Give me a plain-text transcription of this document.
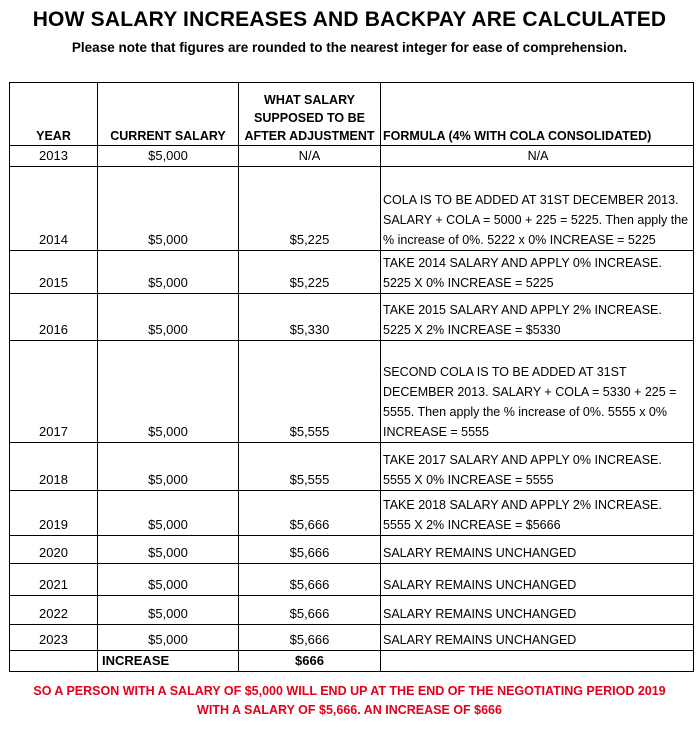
HOW SALARY INCREASES AND BACKPAY ARE CALCULATED
Please note that figures are rounded to the nearest integer for ease of comprehension.
YEAR	CURRENT SALARY	WHAT SALARY SUPPOSED TO BE AFTER ADJUSTMENT	FORMULA (4% WITH COLA CONSOLIDATED)
2013	$5,000	N/A	N/A
2014	$5,000	$5,225	COLA IS TO BE ADDED AT 31ST DECEMBER 2013. SALARY + COLA = 5000 + 225 = 5225. Then apply the % increase of 0%. 5222 x 0% INCREASE = 5225
2015	$5,000	$5,225	TAKE 2014 SALARY AND APPLY 0% INCREASE. 5225 X 0% INCREASE = 5225
2016	$5,000	$5,330	TAKE 2015 SALARY AND APPLY 2% INCREASE. 5225 X 2% INCREASE = $5330
2017	$5,000	$5,555	SECOND COLA IS TO BE ADDED AT 31ST DECEMBER 2013. SALARY + COLA = 5330 + 225 = 5555. Then apply the % increase of 0%. 5555 x 0% INCREASE = 5555
2018	$5,000	$5,555	TAKE 2017 SALARY AND APPLY 0% INCREASE. 5555 X 0% INCREASE = 5555
2019	$5,000	$5,666	TAKE 2018 SALARY AND APPLY 2% INCREASE. 5555 X 2% INCREASE = $5666
2020	$5,000	$5,666	SALARY REMAINS UNCHANGED
2021	$5,000	$5,666	SALARY REMAINS UNCHANGED
2022	$5,000	$5,666	SALARY REMAINS UNCHANGED
2023	$5,000	$5,666	SALARY REMAINS UNCHANGED
	INCREASE	$666	
SO A PERSON WITH A SALARY OF $5,000 WILL END UP AT THE END OF THE NEGOTIATING PERIOD 2019
WITH A SALARY OF $5,666. AN INCREASE OF $666
